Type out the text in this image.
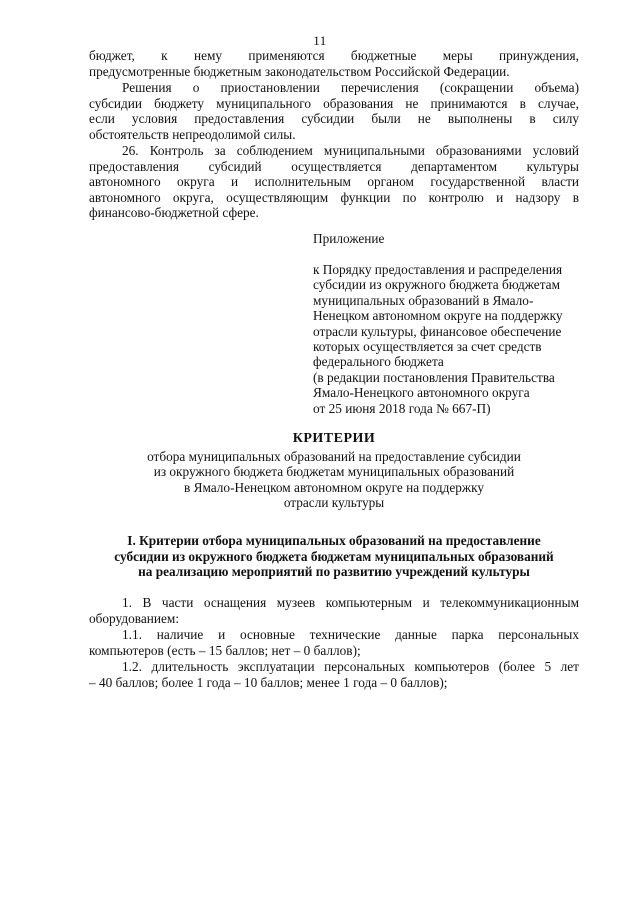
11
бюджет, к нему применяются бюджетные меры принуждения,
предусмотренные бюджетным законодательством Российской Федерации.
Решения о приостановлении перечисления (сокращении объема)
субсидии бюджету муниципального образования не принимаются в случае,
если условия предоставления субсидии были не выполнены в силу
обстоятельств непреодолимой силы.
26. Контроль за соблюдением муниципальными образованиями условий
предоставления субсидий осуществляется департаментом культуры
автономного округа и исполнительным органом государственной власти
автономного округа, осуществляющим функции по контролю и надзору в
финансово-бюджетной сфере.
Приложение
к Порядку предоставления и распределения
субсидии из окружного бюджета бюджетам
муниципальных образований в Ямало-
Ненецком автономном округе на поддержку
отрасли культуры, финансовое обеспечение
которых осуществляется за счет средств
федерального бюджета
(в редакции постановления Правительства
Ямало-Ненецкого автономного округа
от 25 июня 2018 года № 667-П)
КРИТЕРИИ
отбора муниципальных образований на предоставление субсидии
из окружного бюджета бюджетам муниципальных образований
в Ямало-Ненецком автономном округе на поддержку
отрасли культуры
I. Критерии отбора муниципальных образований на предоставление
субсидии из окружного бюджета бюджетам муниципальных образований
на реализацию мероприятий по развитию учреждений культуры
1. В части оснащения музеев компьютерным и телекоммуникационным
оборудованием:
1.1. наличие и основные технические данные парка персональных
компьютеров (есть – 15 баллов; нет – 0 баллов);
1.2. длительность эксплуатации персональных компьютеров (более 5 лет
– 40 баллов; более 1 года – 10 баллов; менее 1 года – 0 баллов);
